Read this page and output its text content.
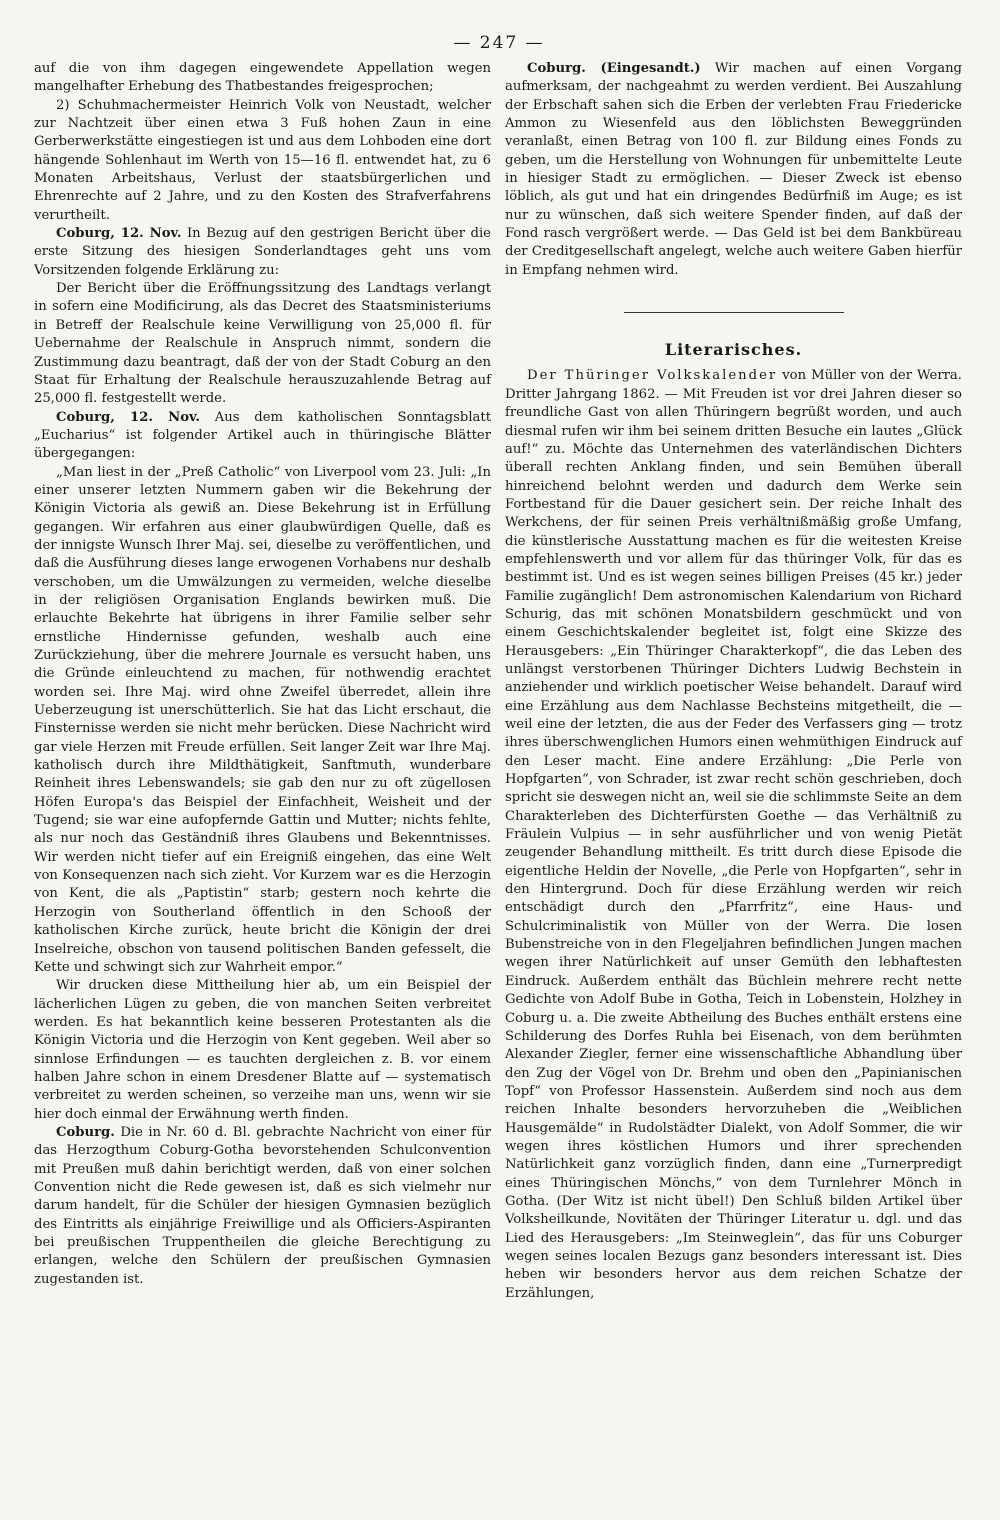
— 247 —

auf die von ihm dagegen eingewendete Appellation wegen mangelhafter Erhebung des Thatbestandes freigesprochen;

2) Schuhmachermeister Heinrich Volk von Neustadt, welcher zur Nachtzeit über einen etwa 3 Fuß hohen Zaun in eine Gerberwerkstätte eingestiegen ist und aus dem Lohboden eine dort hängende Sohlenhaut im Werth von 15—16 fl. entwendet hat, zu 6 Monaten Arbeitshaus, Verlust der staatsbürgerlichen und Ehrenrechte auf 2 Jahre, und zu den Kosten des Strafverfahrens verurtheilt.

Coburg, 12. Nov. In Bezug auf den gestrigen Bericht über die erste Sitzung des hiesigen Sonderlandtages geht uns vom Vorsitzenden folgende Erklärung zu:

Der Bericht über die Eröffnungssitzung des Landtags verlangt in sofern eine Modificirung, als das Decret des Staatsministeriums in Betreff der Realschule keine Verwilligung von 25,000 fl. für Uebernahme der Realschule in Anspruch nimmt, sondern die Zustimmung dazu beantragt, daß der von der Stadt Coburg an den Staat für Erhaltung der Realschule herauszuzahlende Betrag auf 25,000 fl. festgestellt werde.

Coburg, 12. Nov. Aus dem katholischen Sonntagsblatt „Eucharius“ ist folgender Artikel auch in thüringische Blätter übergegangen:

„Man liest in der „Preß Catholic“ von Liverpool vom 23. Juli: „In einer unserer letzten Nummern gaben wir die Bekehrung der Königin Victoria als gewiß an. Diese Bekehrung ist in Erfüllung gegangen. Wir erfahren aus einer glaubwürdigen Quelle, daß es der innigste Wunsch Ihrer Maj. sei, dieselbe zu veröffentlichen, und daß die Ausführung dieses lange erwogenen Vorhabens nur deshalb verschoben, um die Umwälzungen zu vermeiden, welche dieselbe in der religiösen Organisation Englands bewirken muß. Die erlauchte Bekehrte hat übrigens in ihrer Familie selber sehr ernstliche Hindernisse gefunden, weshalb auch eine Zurückziehung, über die mehrere Journale es versucht haben, uns die Gründe einleuchtend zu machen, für nothwendig erachtet worden sei. Ihre Maj. wird ohne Zweifel überredet, allein ihre Ueberzeugung ist unerschütterlich. Sie hat das Licht erschaut, die Finsternisse werden sie nicht mehr berücken. Diese Nachricht wird gar viele Herzen mit Freude erfüllen. Seit langer Zeit war Ihre Maj. katholisch durch ihre Mildthätigkeit, Sanftmuth, wunderbare Reinheit ihres Lebenswandels; sie gab den nur zu oft zügellosen Höfen Europa's das Beispiel der Einfachheit, Weisheit und der Tugend; sie war eine aufopfernde Gattin und Mutter; nichts fehlte, als nur noch das Geständniß ihres Glaubens und Bekenntnisses. Wir werden nicht tiefer auf ein Ereigniß eingehen, das eine Welt von Konsequenzen nach sich zieht. Vor Kurzem war es die Herzogin von Kent, die als „Paptistin“ starb; gestern noch kehrte die Herzogin von Southerland öffentlich in den Schooß der katholischen Kirche zurück, heute bricht die Königin der drei Inselreiche, obschon von tausend politischen Banden gefesselt, die Kette und schwingt sich zur Wahrheit empor.“

Wir drucken diese Mittheilung hier ab, um ein Beispiel der lächerlichen Lügen zu geben, die von manchen Seiten verbreitet werden. Es hat bekanntlich keine besseren Protestanten als die Königin Victoria und die Herzogin von Kent gegeben. Weil aber so sinnlose Erfindungen — es tauchten dergleichen z. B. vor einem halben Jahre schon in einem Dresdener Blatte auf — systematisch verbreitet zu werden scheinen, so verzeihe man uns, wenn wir sie hier doch einmal der Erwähnung werth finden.

Coburg. Die in Nr. 60 d. Bl. gebrachte Nachricht von einer für das Herzogthum Coburg-Gotha bevorstehenden Schulconvention mit Preußen muß dahin berichtigt werden, daß von einer solchen Convention nicht die Rede gewesen ist, daß es sich vielmehr nur darum handelt, für die Schüler der hiesigen Gymnasien bezüglich des Eintritts als einjährige Freiwillige und als Officiers-Aspiranten bei preußischen Truppentheilen die gleiche Berechtigung zu erlangen, welche den Schülern der preußischen Gymnasien zugestanden ist.

Coburg. (Eingesandt.) Wir machen auf einen Vorgang aufmerksam, der nachgeahmt zu werden verdient. Bei Auszahlung der Erbschaft sahen sich die Erben der verlebten Frau Friedericke Ammon zu Wiesenfeld aus den löblichsten Beweggründen veranlaßt, einen Betrag von 100 fl. zur Bildung eines Fonds zu geben, um die Herstellung von Wohnungen für unbemittelte Leute in hiesiger Stadt zu ermöglichen. — Dieser Zweck ist ebenso löblich, als gut und hat ein dringendes Bedürfniß im Auge; es ist nur zu wünschen, daß sich weitere Spender finden, auf daß der Fond rasch vergrößert werde. — Das Geld ist bei dem Bankbüreau der Creditgesellschaft angelegt, welche auch weitere Gaben hierfür in Empfang nehmen wird.

Literarisches.

Der Thüringer Volkskalender von Müller von der Werra. Dritter Jahrgang 1862. — Mit Freuden ist vor drei Jahren dieser so freundliche Gast von allen Thüringern begrüßt worden, und auch diesmal rufen wir ihm bei seinem dritten Besuche ein lautes „Glück auf!“ zu. Möchte das Unternehmen des vaterländischen Dichters überall rechten Anklang finden, und sein Bemühen überall hinreichend belohnt werden und dadurch dem Werke sein Fortbestand für die Dauer gesichert sein. Der reiche Inhalt des Werkchens, der für seinen Preis verhältnißmäßig große Umfang, die künstlerische Ausstattung machen es für die weitesten Kreise empfehlenswerth und vor allem für das thüringer Volk, für das es bestimmt ist. Und es ist wegen seines billigen Preises (45 kr.) jeder Familie zugänglich! Dem astronomischen Kalendarium von Richard Schurig, das mit schönen Monatsbildern geschmückt und von einem Geschichtskalender begleitet ist, folgt eine Skizze des Herausgebers: „Ein Thüringer Charakterkopf“, die das Leben des unlängst verstorbenen Thüringer Dichters Ludwig Bechstein in anziehender und wirklich poetischer Weise behandelt. Darauf wird eine Erzählung aus dem Nachlasse Bechsteins mitgetheilt, die — weil eine der letzten, die aus der Feder des Verfassers ging — trotz ihres überschwenglichen Humors einen wehmüthigen Eindruck auf den Leser macht. Eine andere Erzählung: „Die Perle von Hopfgarten“, von Schrader, ist zwar recht schön geschrieben, doch spricht sie deswegen nicht an, weil sie die schlimmste Seite an dem Charakterleben des Dichterfürsten Goethe — das Verhältniß zu Fräulein Vulpius — in sehr ausführlicher und von wenig Pietät zeugender Behandlung mittheilt. Es tritt durch diese Episode die eigentliche Heldin der Novelle, „die Perle von Hopfgarten“, sehr in den Hintergrund. Doch für diese Erzählung werden wir reich entschädigt durch den „Pfarrfritz“, eine Haus- und Schulcriminalistik von Müller von der Werra. Die losen Bubenstreiche von in den Flegeljahren befindlichen Jungen machen wegen ihrer Natürlichkeit auf unser Gemüth den lebhaftesten Eindruck. Außerdem enthält das Büchlein mehrere recht nette Gedichte von Adolf Bube in Gotha, Teich in Lobenstein, Holzhey in Coburg u. a. Die zweite Abtheilung des Buches enthält erstens eine Schilderung des Dorfes Ruhla bei Eisenach, von dem berühmten Alexander Ziegler, ferner eine wissenschaftliche Abhandlung über den Zug der Vögel von Dr. Brehm und oben den „Papinianischen Topf“ von Professor Hassenstein. Außerdem sind noch aus dem reichen Inhalte besonders hervorzuheben die „Weiblichen Hausgemälde“ in Rudolstädter Dialekt, von Adolf Sommer, die wir wegen ihres köstlichen Humors und ihrer sprechenden Natürlichkeit ganz vorzüglich finden, dann eine „Turnerpredigt eines Thüringischen Mönchs,“ von dem Turnlehrer Mönch in Gotha. (Der Witz ist nicht übel!) Den Schluß bilden Artikel über Volksheilkunde, Novitäten der Thüringer Literatur u. dgl. und das Lied des Herausgebers: „Im Steinweglein“, das für uns Coburger wegen seines localen Bezugs ganz besonders interessant ist. Dies heben wir besonders hervor aus dem reichen Schatze der Erzählungen,
